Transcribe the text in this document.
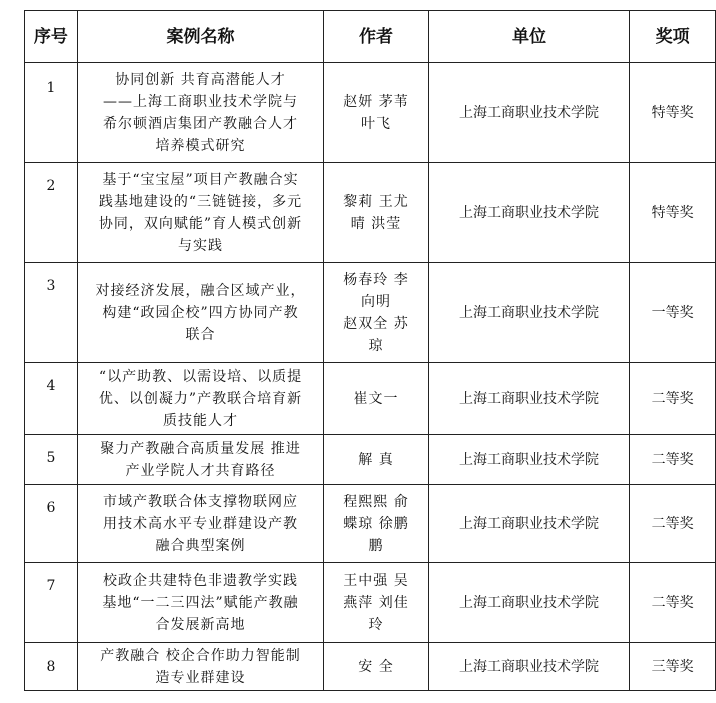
序号	案例名称	作者	单位	奖项
1	协同创新 共育高潜能人才
——上海工商职业技术学院与
希尔顿酒店集团产教融合人才
培养模式研究	赵妍 茅苇
叶飞	上海工商职业技术学院	特等奖
2	基于“宝宝屋”项目产教融合实
践基地建设的“三链链接，多元
协同，双向赋能”育人模式创新
与实践	黎莉 王尤
晴 洪莹	上海工商职业技术学院	特等奖
3	对接经济发展，融合区域产业，
构建“政园企校”四方协同产教
联合	杨春玲 李
向明
赵双全 苏
琼	上海工商职业技术学院	一等奖
4	“以产助教、以需设培、以质提
优、以创凝力”产教联合培育新
质技能人才	崔文一	上海工商职业技术学院	二等奖
5	聚力产教融合高质量发展 推进
产业学院人才共育路径	解 真	上海工商职业技术学院	二等奖
6	市域产教联合体支撑物联网应
用技术高水平专业群建设产教
融合典型案例	程熙熙 俞
蝶琼 徐鹏
鹏	上海工商职业技术学院	二等奖
7	校政企共建特色非遗教学实践
基地“一二三四法”赋能产教融
合发展新高地	王中强 吴
燕萍 刘佳
玲	上海工商职业技术学院	二等奖
8	产教融合 校企合作助力智能制
造专业群建设	安 全	上海工商职业技术学院	三等奖
